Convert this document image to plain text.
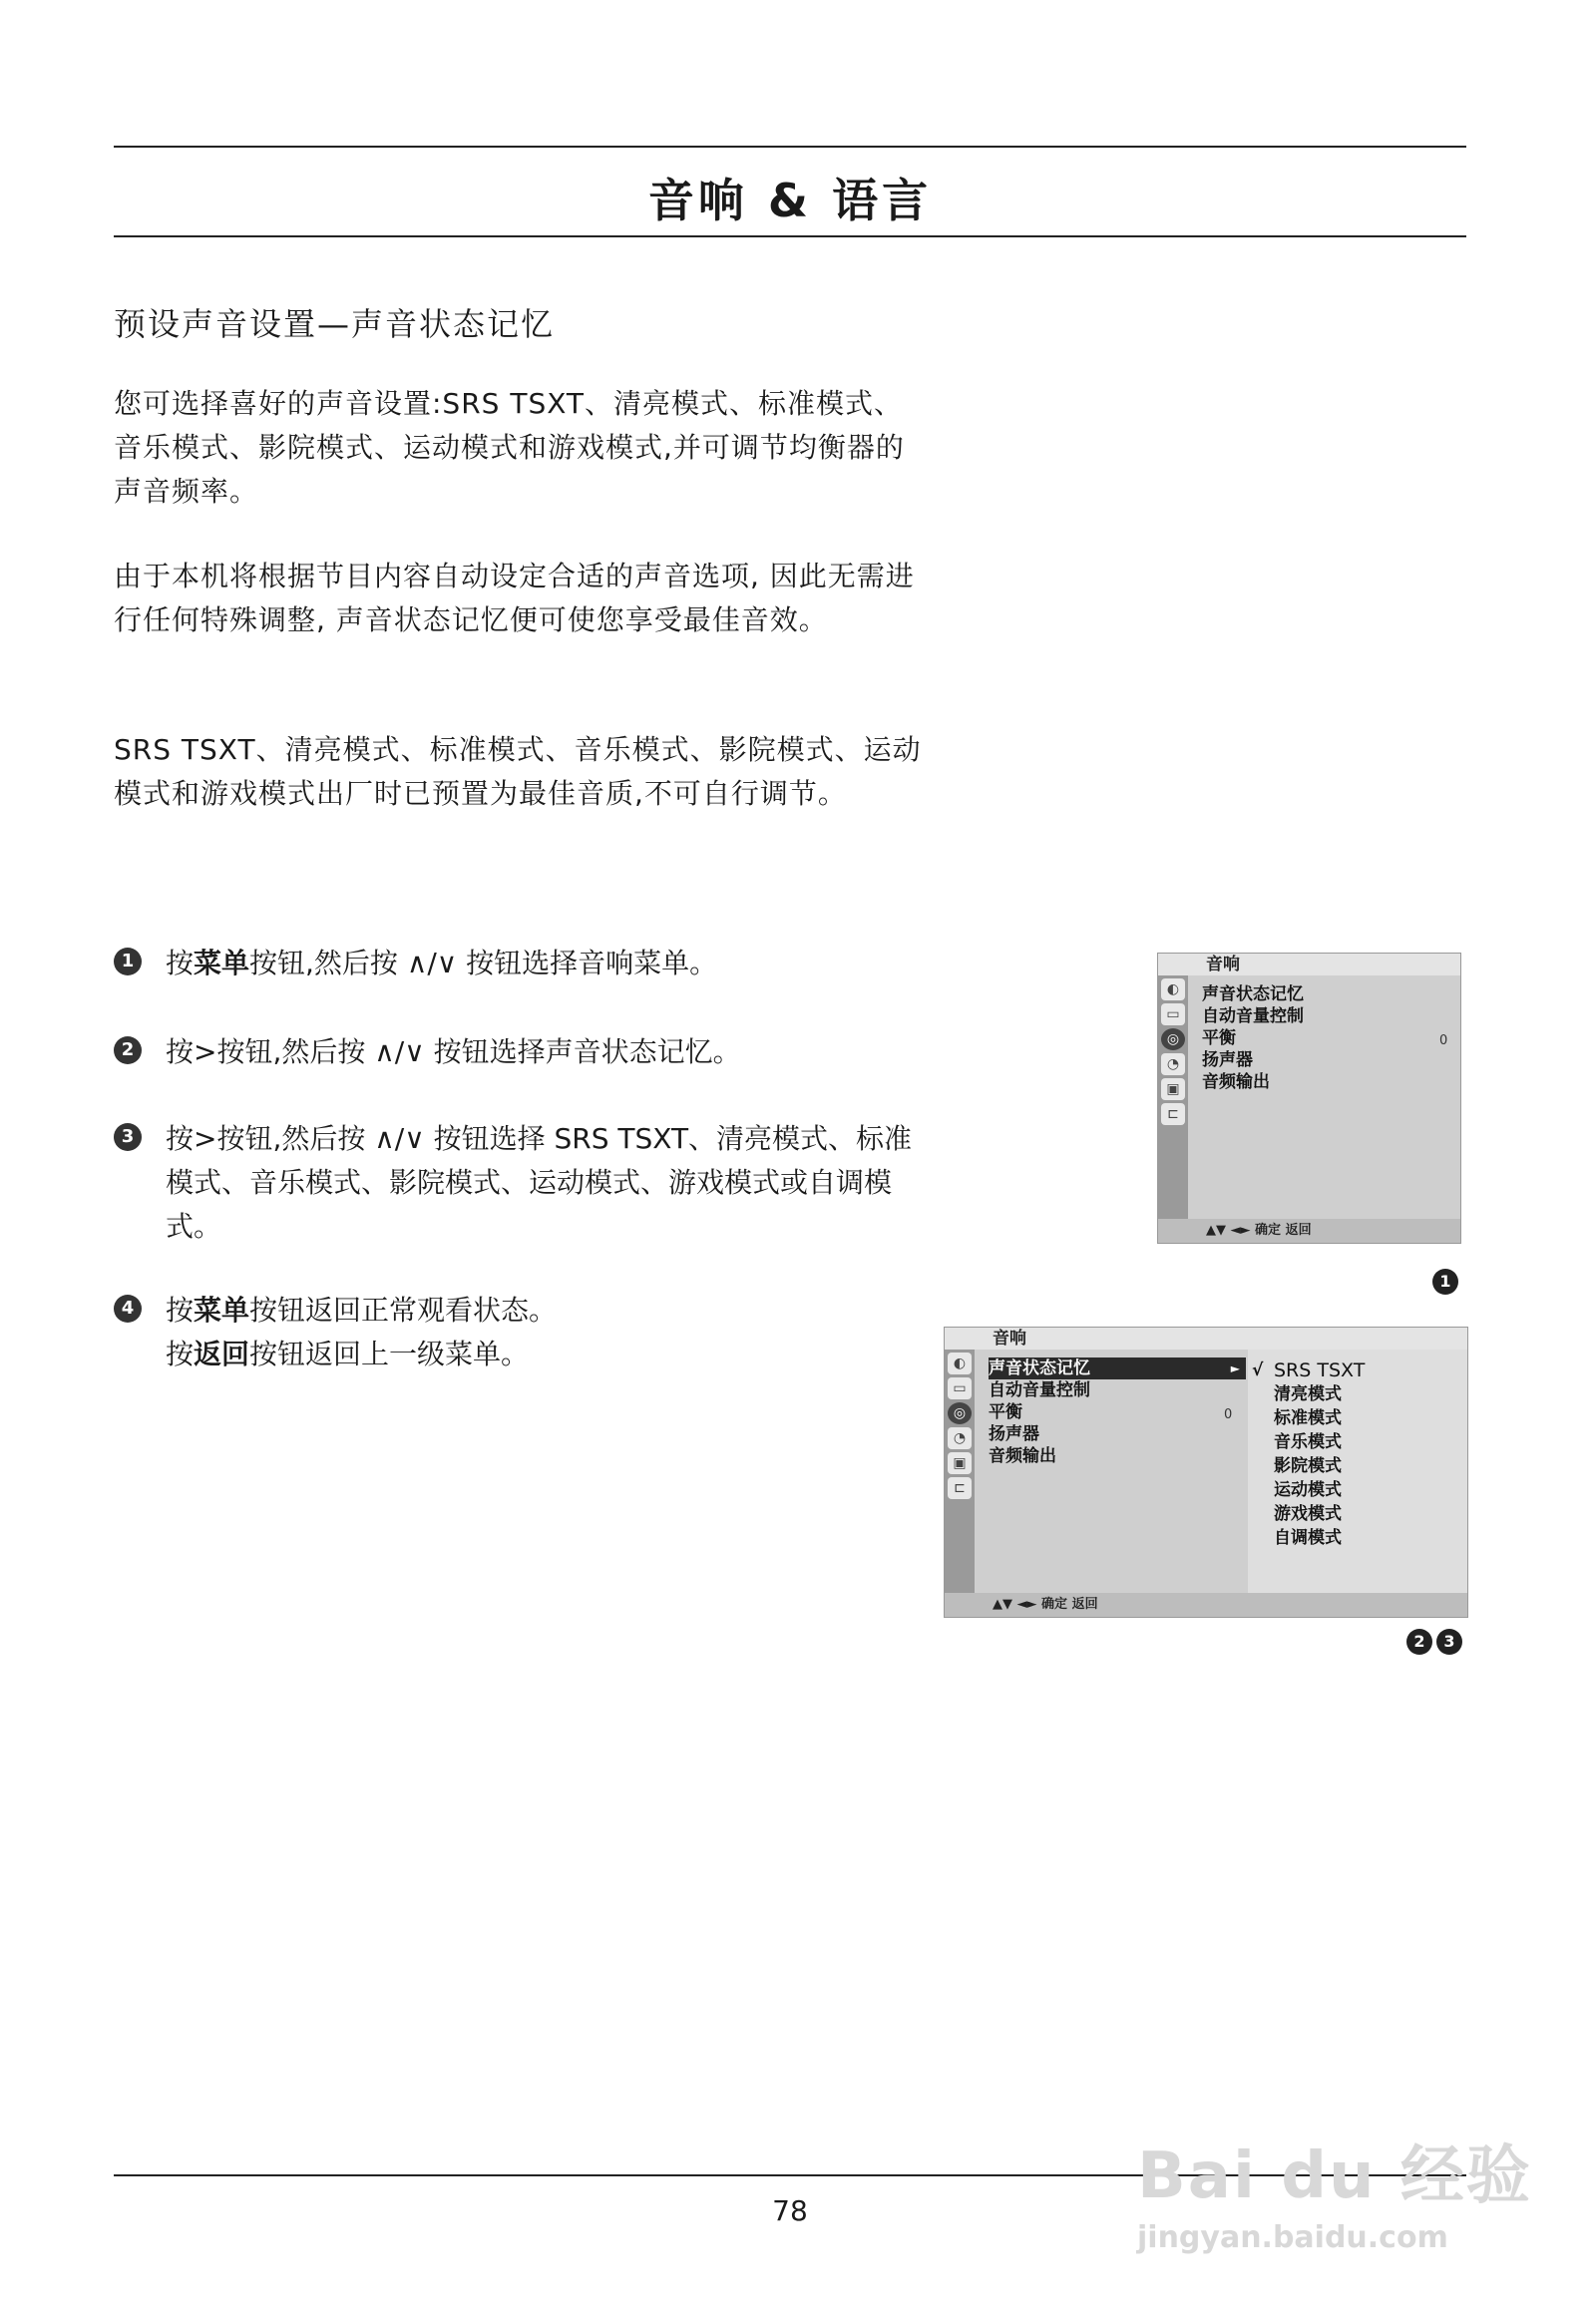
音响 & 语言
预设声音设置—声音状态记忆
您可选择喜好的声音设置:SRS TSXT、清亮模式、标准模式、音乐模式、影院模式、运动模式和游戏模式,并可调节均衡器的声音频率。
由于本机将根据节目内容自动设定合适的声音选项, 因此无需进行任何特殊调整, 声音状态记忆便可使您享受最佳音效。
SRS TSXT、清亮模式、标准模式、音乐模式、影院模式、运动模式和游戏模式出厂时已预置为最佳音质,不可自行调节。
1 按菜单按钮,然后按 ∧/∨ 按钮选择音响菜单。
2 按>按钮,然后按 ∧/∨ 按钮选择声音状态记忆。
3 按>按钮,然后按 ∧/∨ 按钮选择 SRS TSXT、清亮模式、标准模式、音乐模式、影院模式、运动模式、游戏模式或自调模式。
4 按菜单按钮返回正常观看状态。
按返回按钮返回上一级菜单。
音响
◐
▭
◎
◔
▣
⊏
声音状态记忆
自动音量控制
平衡	0
扬声器
音频输出
▲▼ ◄► 确定 返回
1
音响
◐
▭
◎
◔
▣
⊏
声音状态记忆	►
自动音量控制
平衡	0
扬声器
音频输出
√ SRS TSXT
清亮模式
标准模式
音乐模式
影院模式
运动模式
游戏模式
自调模式
▲▼ ◄► 确定 返回
2	3
78	Bai du 经验
jingyan.baidu.com
